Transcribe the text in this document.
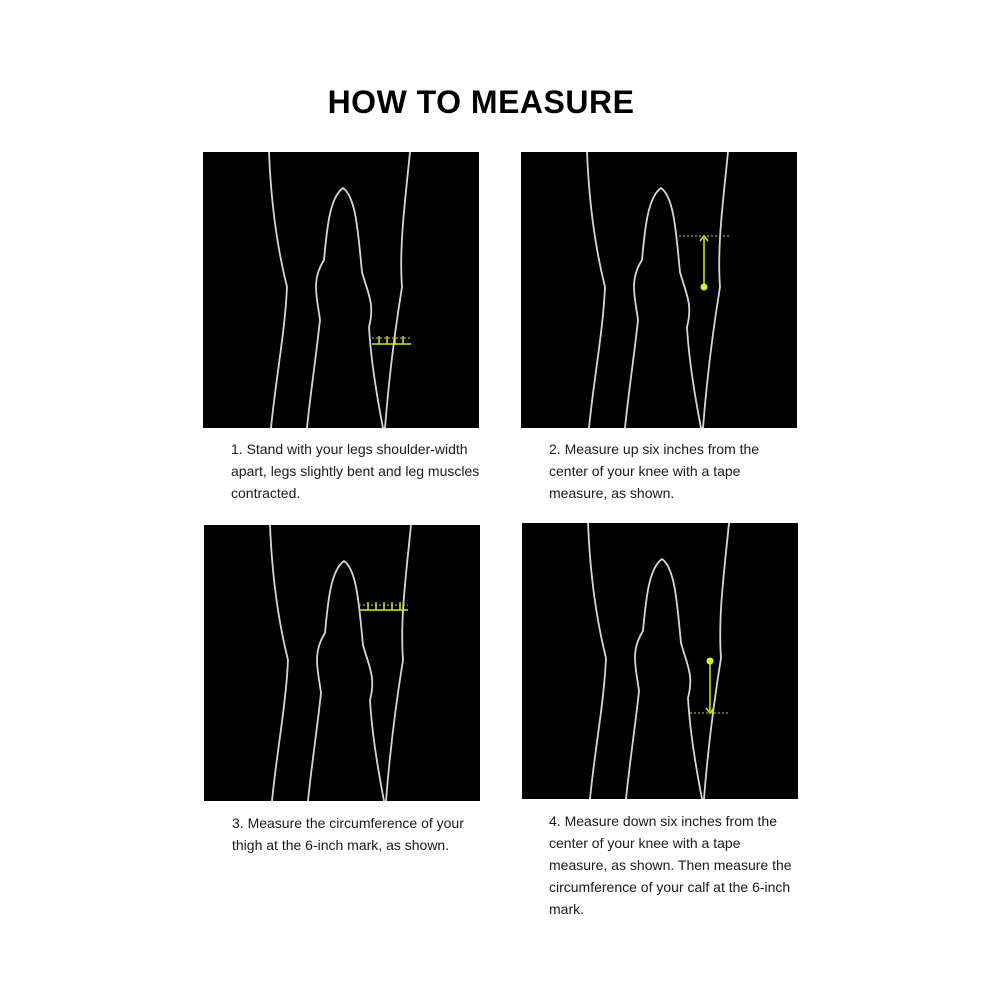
HOW TO MEASURE

1. Stand with your legs shoulder-width apart, legs slightly bent and leg muscles contracted.

2. Measure up six inches from the center of your knee with a tape measure, as shown.

3. Measure the circumference of your thigh at the 6-inch mark, as shown.

4. Measure down six inches from the center of your knee with a tape measure, as shown. Then measure the circumference of your calf at the 6-inch mark.
